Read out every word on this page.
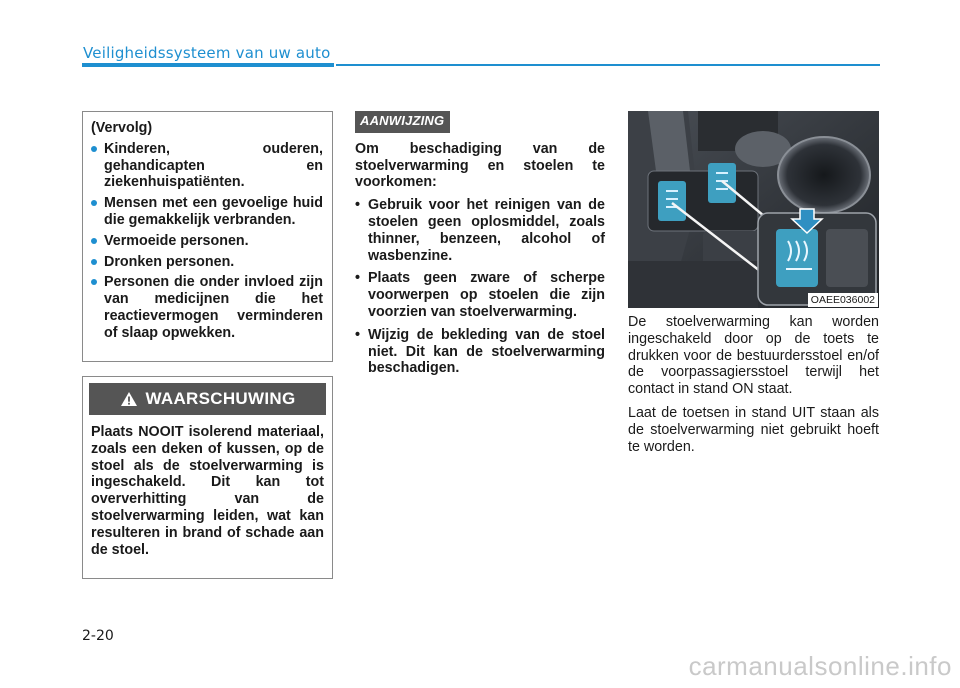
Veiligheidssysteem van uw auto
(Vervolg)
Kinderen, ouderen, gehandicapten en ziekenhuispatiënten.
Mensen met een gevoelige huid die gemakkelijk verbranden.
Vermoeide personen.
Dronken personen.
Personen die onder invloed zijn van medicijnen die het reactievermogen verminderen of slaap opwekken.
WAARSCHUWING
Plaats NOOIT isolerend materiaal, zoals een deken of kussen, op de stoel als de stoelverwarming is ingeschakeld. Dit kan tot oververhitting van de stoelverwarming leiden, wat kan resulteren in brand of schade aan de stoel.
AANWIJZING
Om beschadiging van de stoelverwarming en stoelen te voorkomen:
• Gebruik voor het reinigen van de stoelen geen oplosmiddel, zoals thinner, benzeen, alcohol of wasbenzine.
• Plaats geen zware of scherpe voorwerpen op stoelen die zijn voorzien van stoelverwarming.
• Wijzig de bekleding van de stoel niet. Dit kan de stoelverwarming beschadigen.
OAEE036002

De stoelverwarming kan worden ingeschakeld door op de toets te drukken voor de bestuurdersstoel en/of de voorpassagiersstoel terwijl het contact in stand ON staat.

Laat de toetsen in stand UIT staan als de stoelverwarming niet gebruikt hoeft te worden.

2-20
carmanualsonline.info
